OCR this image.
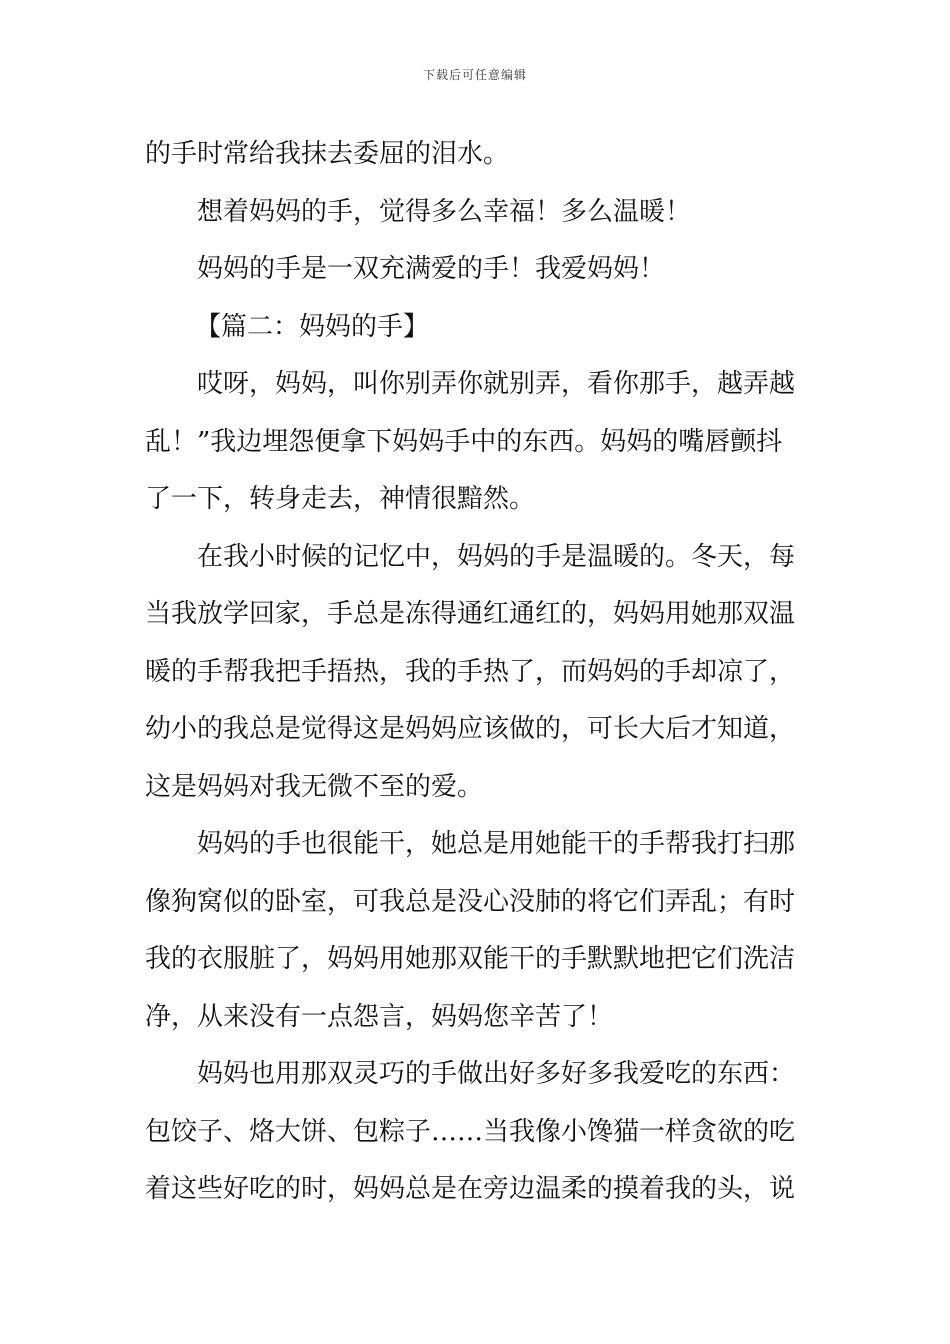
下载后可任意编辑

的手时常给我抹去委屈的泪水。

想着妈妈的手，觉得多么幸福！多么温暖！

妈妈的手是一双充满爱的手！我爱妈妈！

【篇二：妈妈的手】

哎呀，妈妈，叫你别弄你就别弄，看你那手，越弄越
乱！”我边埋怨便拿下妈妈手中的东西。妈妈的嘴唇颤抖
了一下，转身走去，神情很黯然。

在我小时候的记忆中，妈妈的手是温暖的。冬天，每
当我放学回家，手总是冻得通红通红的，妈妈用她那双温
暖的手帮我把手捂热，我的手热了，而妈妈的手却凉了，
幼小的我总是觉得这是妈妈应该做的，可长大后才知道，
这是妈妈对我无微不至的爱。

妈妈的手也很能干，她总是用她能干的手帮我打扫那
像狗窝似的卧室，可我总是没心没肺的将它们弄乱；有时
我的衣服脏了，妈妈用她那双能干的手默默地把它们洗洁
净，从来没有一点怨言，妈妈您辛苦了！

妈妈也用那双灵巧的手做出好多好多我爱吃的东西：
包饺子、烙大饼、包粽子……当我像小馋猫一样贪欲的吃
着这些好吃的时，妈妈总是在旁边温柔的摸着我的头，说
